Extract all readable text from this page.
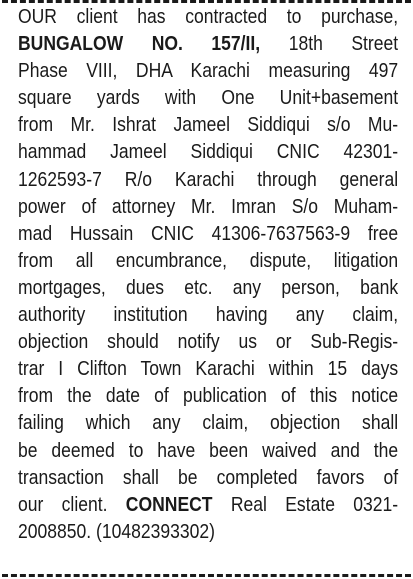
OUR client has contracted to purchase,
BUNGALOW NO. 157/II, 18th Street
Phase VIII, DHA Karachi measuring 497
square yards with One Unit+basement
from Mr. Ishrat Jameel Siddiqui s/o Mu-
hammad Jameel Siddiqui CNIC 42301-
1262593-7 R/o Karachi through general
power of attorney Mr. Imran S/o Muham-
mad Hussain CNIC 41306-7637563-9 free
from all encumbrance, dispute, litigation
mortgages, dues etc. any person, bank
authority institution having any claim,
objection should notify us or Sub-Regis-
trar I Clifton Town Karachi within 15 days
from the date of publication of this notice
failing which any claim, objection shall
be deemed to have been waived and the
transaction shall be completed favors of
our client. CONNECT Real Estate 0321-
2008850. (10482393302)
